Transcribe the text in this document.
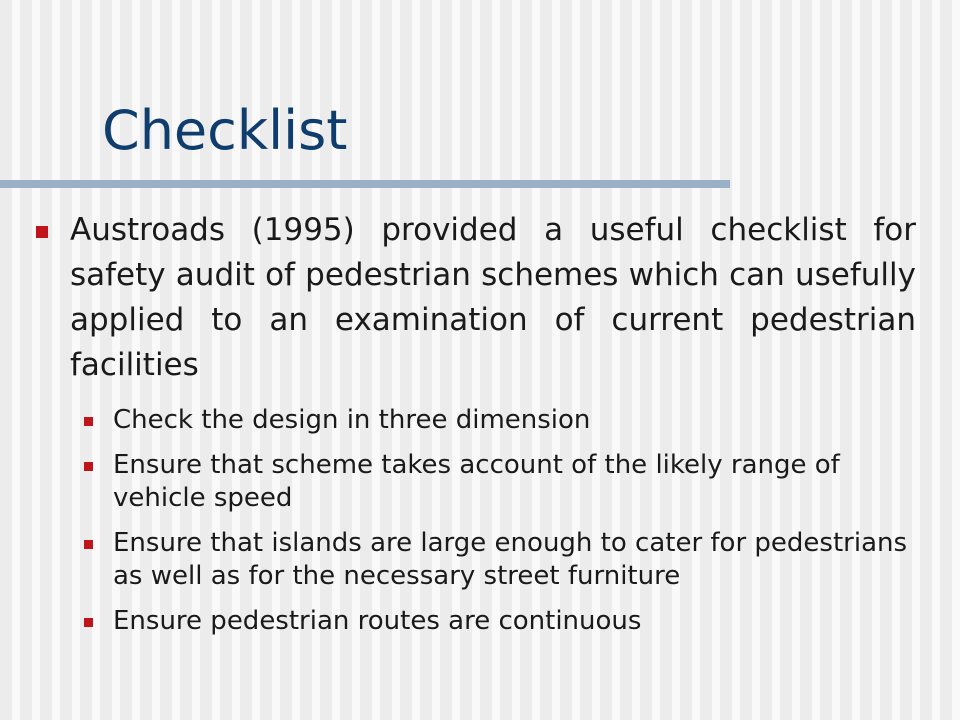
Checklist
Austroads (1995) provided a useful checklist for safety audit of pedestrian schemes which can usefully applied to an examination of current pedestrian facilities
Check the design in three dimension
Ensure that scheme takes account of the likely range of vehicle speed
Ensure that islands are large enough to cater for pedestrians as well as for the necessary street furniture
Ensure pedestrian routes are continuous
